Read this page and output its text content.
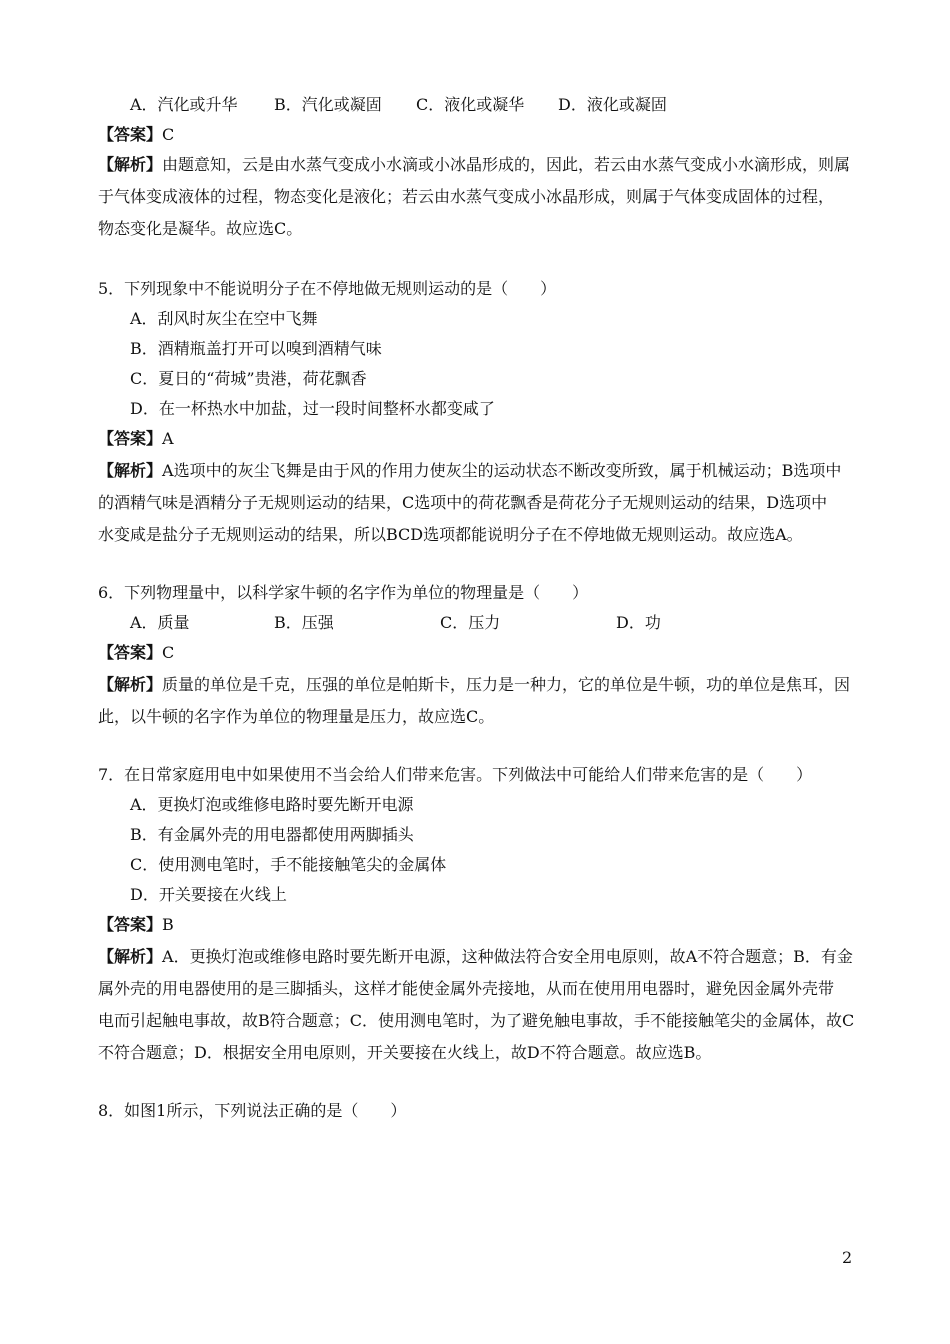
A．汽化或升华 B．汽化或凝固 C．液化或凝华 D．液化或凝固
【答案】C
【解析】由题意知，云是由水蒸气变成小水滴或小冰晶形成的，因此，若云由水蒸气变成小水滴形成，则属
于气体变成液体的过程，物态变化是液化；若云由水蒸气变成小冰晶形成，则属于气体变成固体的过程，
物态变化是凝华。故应选C。
5．下列现象中不能说明分子在不停地做无规则运动的是（　　）
A．刮风时灰尘在空中飞舞
B．酒精瓶盖打开可以嗅到酒精气味
C．夏日的“荷城”贵港，荷花飘香
D．在一杯热水中加盐，过一段时间整杯水都变咸了
【答案】A
【解析】A选项中的灰尘飞舞是由于风的作用力使灰尘的运动状态不断改变所致，属于机械运动；B选项中
的酒精气味是酒精分子无规则运动的结果，C选项中的荷花飘香是荷花分子无规则运动的结果，D选项中
水变咸是盐分子无规则运动的结果，所以BCD选项都能说明分子在不停地做无规则运动。故应选A。
6．下列物理量中，以科学家牛顿的名字作为单位的物理量是（　　）
A．质量	B．压强	C．压力	D．功
【答案】C
【解析】质量的单位是千克，压强的单位是帕斯卡，压力是一种力，它的单位是牛顿，功的单位是焦耳，因
此，以牛顿的名字作为单位的物理量是压力，故应选C。
7．在日常家庭用电中如果使用不当会给人们带来危害。下列做法中可能给人们带来危害的是（　　）
A．更换灯泡或维修电路时要先断开电源
B．有金属外壳的用电器都使用两脚插头
C．使用测电笔时，手不能接触笔尖的金属体
D．开关要接在火线上
【答案】B
【解析】A．更换灯泡或维修电路时要先断开电源，这种做法符合安全用电原则，故A不符合题意；B．有金
属外壳的用电器使用的是三脚插头，这样才能使金属外壳接地，从而在使用用电器时，避免因金属外壳带
电而引起触电事故，故B符合题意；C．使用测电笔时，为了避免触电事故，手不能接触笔尖的金属体，故C
不符合题意；D．根据安全用电原则，开关要接在火线上，故D不符合题意。故应选B。
8．如图1所示，下列说法正确的是（　　）
2
